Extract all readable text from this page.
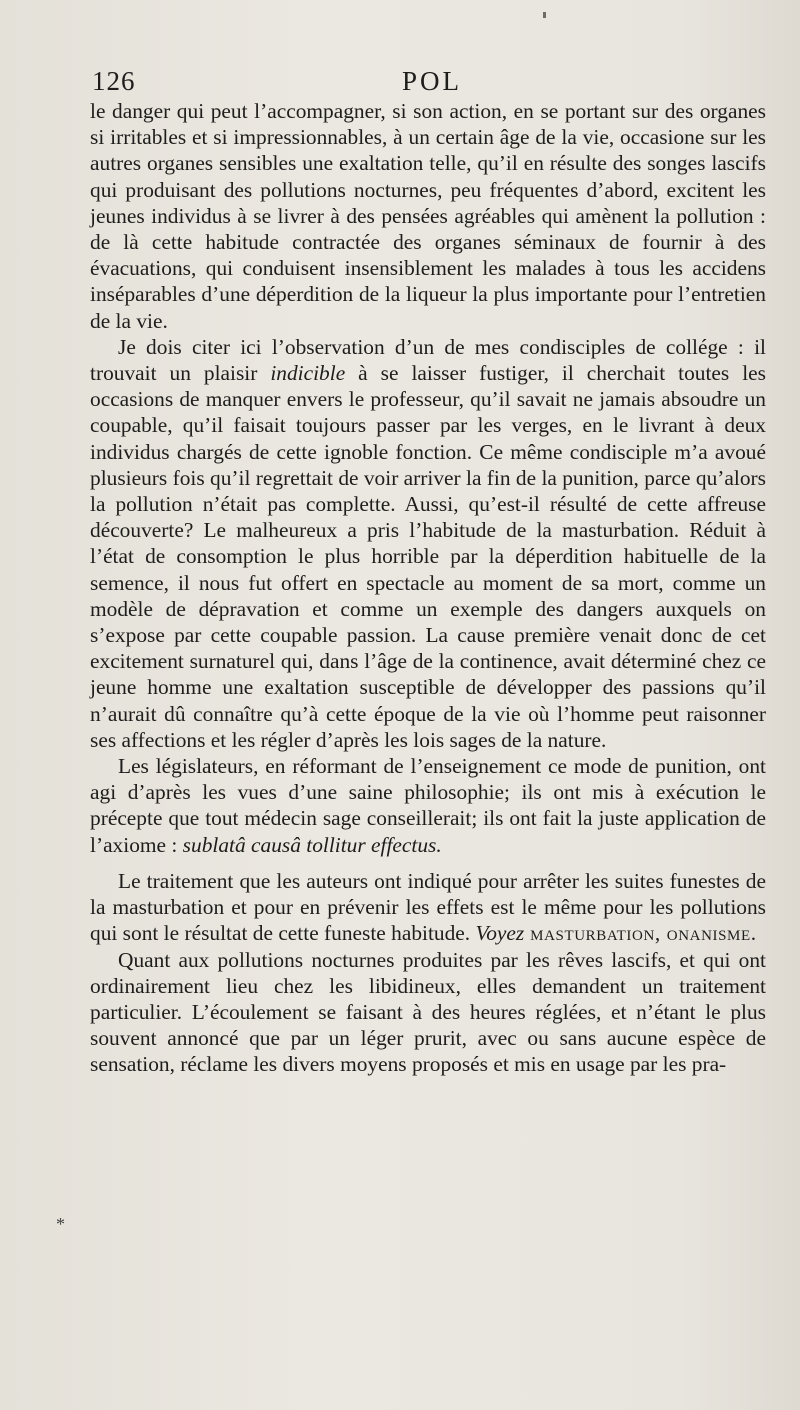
126	POL

le danger qui peut l’accompagner, si son action, en se portant sur des organes si irritables et si impressionnables, à un certain âge de la vie, occasione sur les autres organes sensibles une exaltation telle, qu’il en résulte des songes lascifs qui produisant des pollutions nocturnes, peu fréquentes d’abord, excitent les jeunes individus à se livrer à des pensées agréables qui amènent la pollution : de là cette habitude contractée des organes séminaux de fournir à des évacuations, qui conduisent insensiblement les malades à tous les accidens inséparables d’une déperdition de la liqueur la plus importante pour l’entretien de la vie.

Je dois citer ici l’observation d’un de mes condisciples de collége : il trouvait un plaisir indicible à se laisser fustiger, il cherchait toutes les occasions de manquer envers le professeur, qu’il savait ne jamais absoudre un coupable, qu’il faisait toujours passer par les verges, en le livrant à deux individus chargés de cette ignoble fonction. Ce même condisciple m’a avoué plusieurs fois qu’il regrettait de voir arriver la fin de la punition, parce qu’alors la pollution n’était pas complette. Aussi, qu’est-il résulté de cette affreuse découverte? Le malheureux a pris l’habitude de la masturbation. Réduit à l’état de consomption le plus horrible par la déperdition habituelle de la semence, il nous fut offert en spectacle au moment de sa mort, comme un modèle de dépravation et comme un exemple des dangers auxquels on s’expose par cette coupable passion. La cause première venait donc de cet excitement surnaturel qui, dans l’âge de la continence, avait déterminé chez ce jeune homme une exaltation susceptible de développer des passions qu’il n’aurait dû connaître qu’à cette époque de la vie où l’homme peut raisonner ses affections et les régler d’après les lois sages de la nature.

Les législateurs, en réformant de l’enseignement ce mode de punition, ont agi d’après les vues d’une saine philosophie; ils ont mis à exécution le précepte que tout médecin sage conseillerait; ils ont fait la juste application de l’axiome : sublatâ causâ tollitur effectus.

Le traitement que les auteurs ont indiqué pour arrêter les suites funestes de la masturbation et pour en prévenir les effets est le même pour les pollutions qui sont le résultat de cette funeste habitude. Voyez masturbation, onanisme.

Quant aux pollutions nocturnes produites par les rêves lascifs, et qui ont ordinairement lieu chez les libidineux, elles demandent un traitement particulier. L’écoulement se faisant à des heures réglées, et n’étant le plus souvent annoncé que par un léger prurit, avec ou sans aucune espèce de sensation, réclame les divers moyens proposés et mis en usage par les pra-

*
